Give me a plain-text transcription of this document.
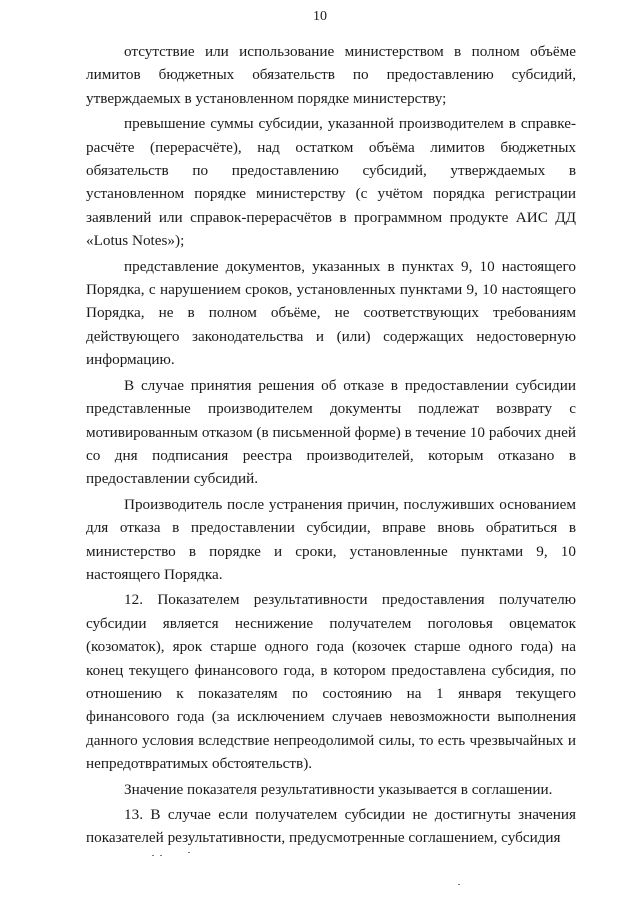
10

отсутствие или использование министерством в полном объёме лимитов бюджетных обязательств по предоставлению субсидий, утверждаемых в установленном порядке министерству;

превышение суммы субсидии, указанной производителем в справке-расчёте (перерасчёте), над остатком объёма лимитов бюджетных обязательств по предоставлению субсидий, утверждаемых в установленном порядке министерству (с учётом порядка регистрации заявлений или справок-перерасчётов в программном продукте АИС ДД «Lotus Notes»);

представление документов, указанных в пунктах 9, 10 настоящего Порядка, с нарушением сроков, установленных пунктами 9, 10 настоящего Порядка, не в полном объёме, не соответствующих требованиям действующего законодательства и (или) содержащих недостоверную информацию.

В случае принятия решения об отказе в предоставлении субсидии представленные производителем документы подлежат возврату с мотивированным отказом (в письменной форме) в течение 10 рабочих дней со дня подписания реестра производителей, которым отказано в предоставлении субсидий.

Производитель после устранения причин, послуживших основанием для отказа в предоставлении субсидии, вправе вновь обратиться в министерство в порядке и сроки, установленные пунктами 9, 10 настоящего Порядка.

12. Показателем результативности предоставления получателю субсидии является неснижение получателем поголовья овцематок (козоматок), ярок старше одного года (козочек старше одного года) на конец текущего финансового года, в котором предоставлена субсидия, по отношению к показателям по состоянию на 1 января текущего финансового года (за исключением случаев невозможности выполнения данного условия вследствие непреодолимой силы, то есть чрезвычайных и непредотвратимых обстоятельств).

Значение показателя результативности указывается в соглашении.

13. В случае если получателем субсидии не достигнуты значения показателей результативности, предусмотренные соглашением, субсидия
